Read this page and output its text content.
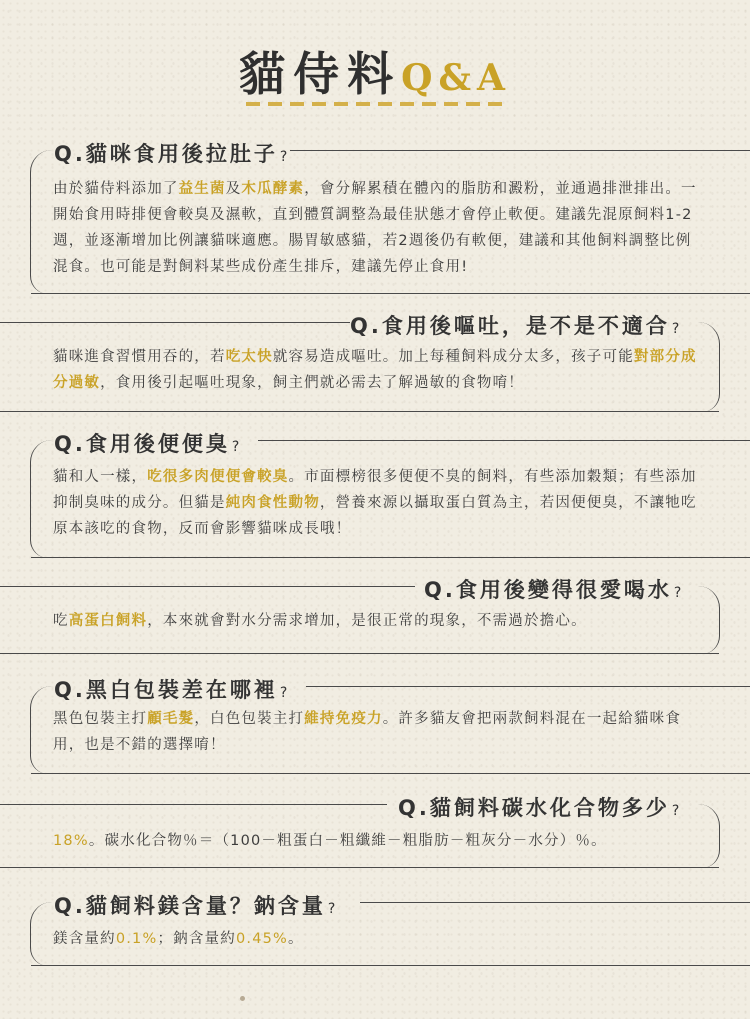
貓侍料Q&A
Q.貓咪食用後拉肚子 ?
由於貓侍料添加了益生菌及木瓜酵素，會分解累積在體內的脂肪和澱粉，並通過排泄排出。一開始食用時排便會較臭及濕軟，直到體質調整為最佳狀態才會停止軟便。建議先混原飼料1-2週，並逐漸增加比例讓貓咪適應。腸胃敏感貓，若2週後仍有軟便，建議和其他飼料調整比例混食。也可能是對飼料某些成份產生排斥，建議先停止食用!
Q.食用後嘔吐，是不是不適合 ?
貓咪進食習慣用吞的，若吃太快就容易造成嘔吐。加上每種飼料成分太多，孩子可能對部分成分過敏，食用後引起嘔吐現象，飼主們就必需去了解過敏的食物唷！
Q.食用後便便臭 ?
貓和人一樣，吃很多肉便便會較臭。市面標榜很多便便不臭的飼料，有些添加穀類；有些添加抑制臭味的成分。但貓是純肉食性動物，營養來源以攝取蛋白質為主，若因便便臭，不讓牠吃原本該吃的食物，反而會影響貓咪成長哦！
Q.食用後變得很愛喝水 ?
吃高蛋白飼料，本來就會對水分需求增加，是很正常的現象，不需過於擔心。
Q.黑白包裝差在哪裡 ?
黑色包裝主打顧毛髮，白色包裝主打維持免疫力。許多貓友會把兩款飼料混在一起給貓咪食用，也是不錯的選擇唷！
Q.貓飼料碳水化合物多少 ?
18%。碳水化合物％＝（100－粗蛋白－粗纖維－粗脂肪－粗灰分－水分）％。
Q.貓飼料鎂含量？鈉含量 ?
鎂含量約0.1%；鈉含量約0.45%。
